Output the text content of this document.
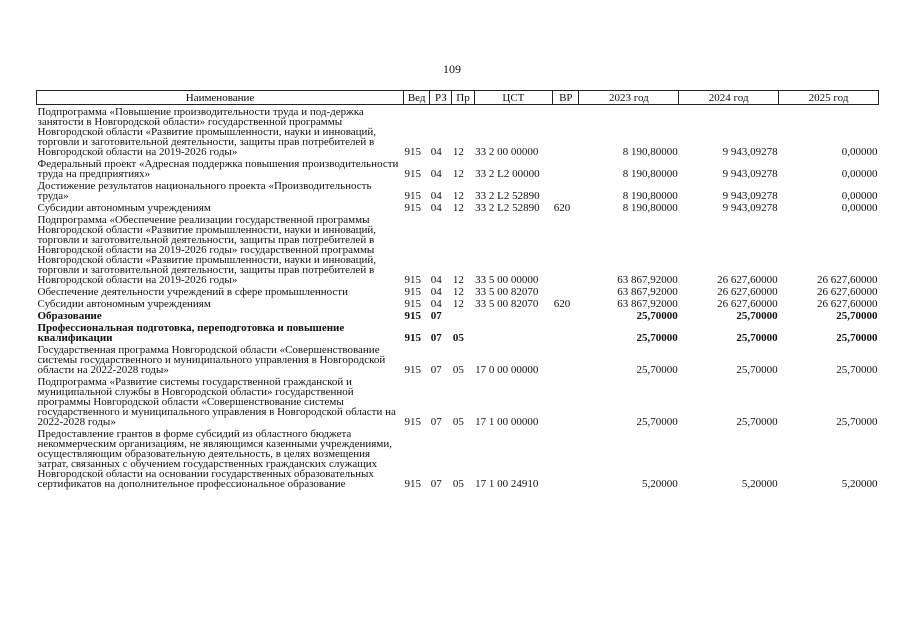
109
Наименование	Вед	РЗ	Пр	ЦСТ	ВР	2023 год	2024 год	2025 год
Подпрограмма «Повышение производительности труда и под-держка занятости в Новгородской области» государственной программы Новгородской области «Развитие промышленности, науки и инноваций, торговли и заготовительной деятельности, защиты прав потребителей в Новгородской области на 2019-2026 годы»	915	04	12	33 2 00 00000		8 190,80000	9 943,09278	0,00000
Федеральный проект «Адресная поддержка повышения производительности труда на предприятиях»	915	04	12	33 2 L2 00000		8 190,80000	9 943,09278	0,00000
Достижение результатов национального проекта «Производительность труда»	915	04	12	33 2 L2 52890		8 190,80000	9 943,09278	0,00000
Субсидии автономным учреждениям	915	04	12	33 2 L2 52890	620	8 190,80000	9 943,09278	0,00000
Подпрограмма «Обеспечение реализации государственной программы Новгородской области «Развитие промышленности, науки и инноваций, торговли и заготовительной деятельности, защиты прав потребителей в Новгородской области на 2019-2026 годы» государственной программы Новгородской области «Развитие промышленности, науки и инноваций, торговли и заготовительной деятельности, защиты прав потребителей в Новгородской области на 2019-2026 годы»	915	04	12	33 5 00 00000		63 867,92000	26 627,60000	26 627,60000
Обеспечение деятельности учреждений в сфере промышленности	915	04	12	33 5 00 82070		63 867,92000	26 627,60000	26 627,60000
Субсидии автономным учреждениям	915	04	12	33 5 00 82070	620	63 867,92000	26 627,60000	26 627,60000
Образование	915	07				25,70000	25,70000	25,70000
Профессиональная подготовка, переподготовка и повышение квалификации	915	07	05			25,70000	25,70000	25,70000
Государственная программа Новгородской области «Совершенствование системы государственного и муниципального управления в Новгородской области на 2022-2028 годы»	915	07	05	17 0 00 00000		25,70000	25,70000	25,70000
Подпрограмма «Развитие системы государственной гражданской и муниципальной службы в Новгородской области» государственной программы Новгородской области «Совершенствование системы государственного и муниципального управления в Новгородской области на 2022-2028 годы»	915	07	05	17 1 00 00000		25,70000	25,70000	25,70000
Предоставление грантов в форме субсидий из областного бюджета некоммерческим организациям, не являющимся казенными учреждениями, осуществляющим образовательную деятельность, в целях возмещения затрат, связанных с обучением государственных гражданских служащих Новгородской области на основании государственных образовательных сертификатов на дополнительное профессиональное образование	915	07	05	17 1 00 24910		5,20000	5,20000	5,20000
